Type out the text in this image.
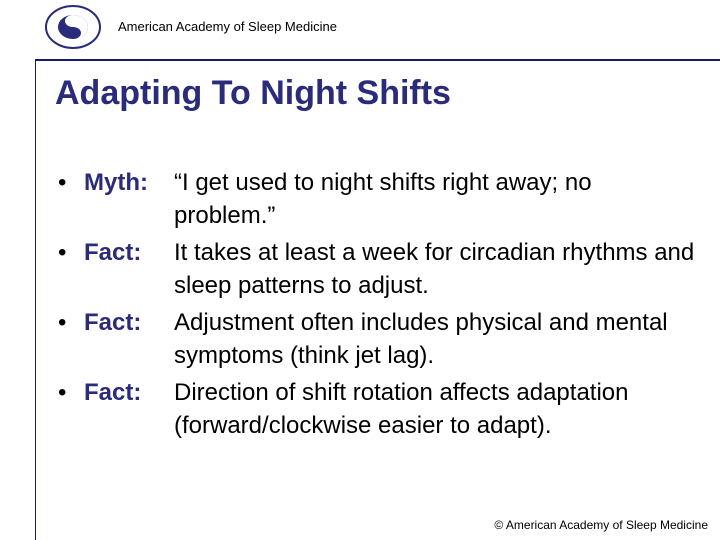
WAKE
SLEEP	American Academy of Sleep Medicine
Adapting To Night Shifts
• Myth:	“I get used to night shifts right away; no problem.”
• Fact:	It takes at least a week for circadian rhythms and sleep patterns to adjust.
• Fact:	Adjustment often includes physical and mental symptoms (think jet lag).
• Fact:	Direction of shift rotation affects adaptation (forward/clockwise easier to adapt).
© American Academy of Sleep Medicine
